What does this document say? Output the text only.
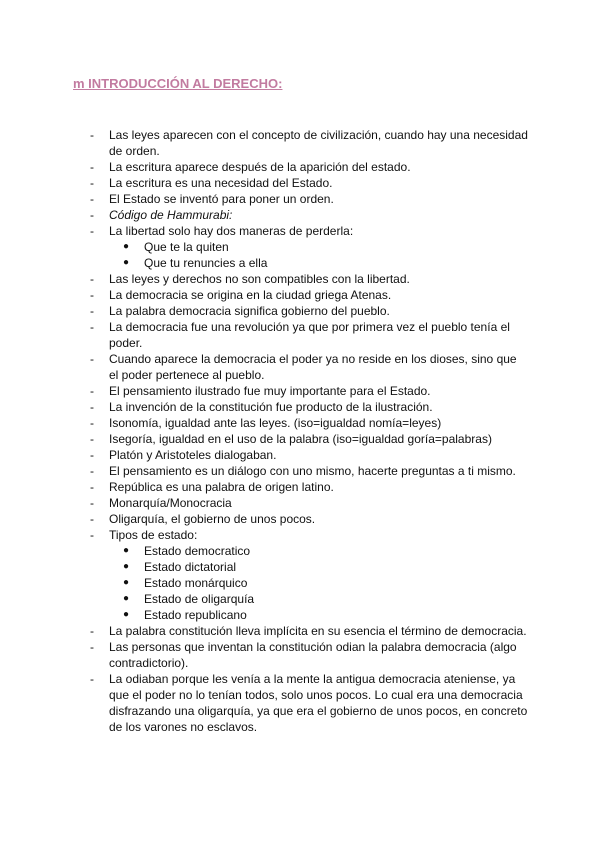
m INTRODUCCIÓN AL DERECHO:
- Las leyes aparecen con el concepto de civilización, cuando hay una necesidad de orden.
- La escritura aparece después de la aparición del estado.
- La escritura es una necesidad del Estado.
- El Estado se inventó para poner un orden.
- Código de Hammurabi:
- La libertad solo hay dos maneras de perderla:
● Que te la quiten
● Que tu renuncies a ella
- Las leyes y derechos no son compatibles con la libertad.
- La democracia se origina en la ciudad griega Atenas.
- La palabra democracia significa gobierno del pueblo.
- La democracia fue una revolución ya que por primera vez el pueblo tenía el poder.
- Cuando aparece la democracia el poder ya no reside en los dioses, sino que el poder pertenece al pueblo.
- El pensamiento ilustrado fue muy importante para el Estado.
- La invención de la constitución fue producto de la ilustración.
- Isonomía, igualdad ante las leyes. (iso=igualdad nomía=leyes)
- Isegoría, igualdad en el uso de la palabra (iso=igualdad goría=palabras)
- Platón y Aristoteles dialogaban.
- El pensamiento es un diálogo con uno mismo, hacerte preguntas a ti mismo.
- República es una palabra de origen latino.
- Monarquía/Monocracia
- Oligarquía, el gobierno de unos pocos.
- Tipos de estado:
● Estado democratico
● Estado dictatorial
● Estado monárquico
● Estado de oligarquía
● Estado republicano
- La palabra constitución lleva implícita en su esencia el término de democracia.
- Las personas que inventan la constitución odian la palabra democracia (algo contradictorio).
- La odiaban porque les venía a la mente la antigua democracia ateniense, ya que el poder no lo tenían todos, solo unos pocos. Lo cual era una democracia disfrazando una oligarquía, ya que era el gobierno de unos pocos, en concreto de los varones no esclavos.
